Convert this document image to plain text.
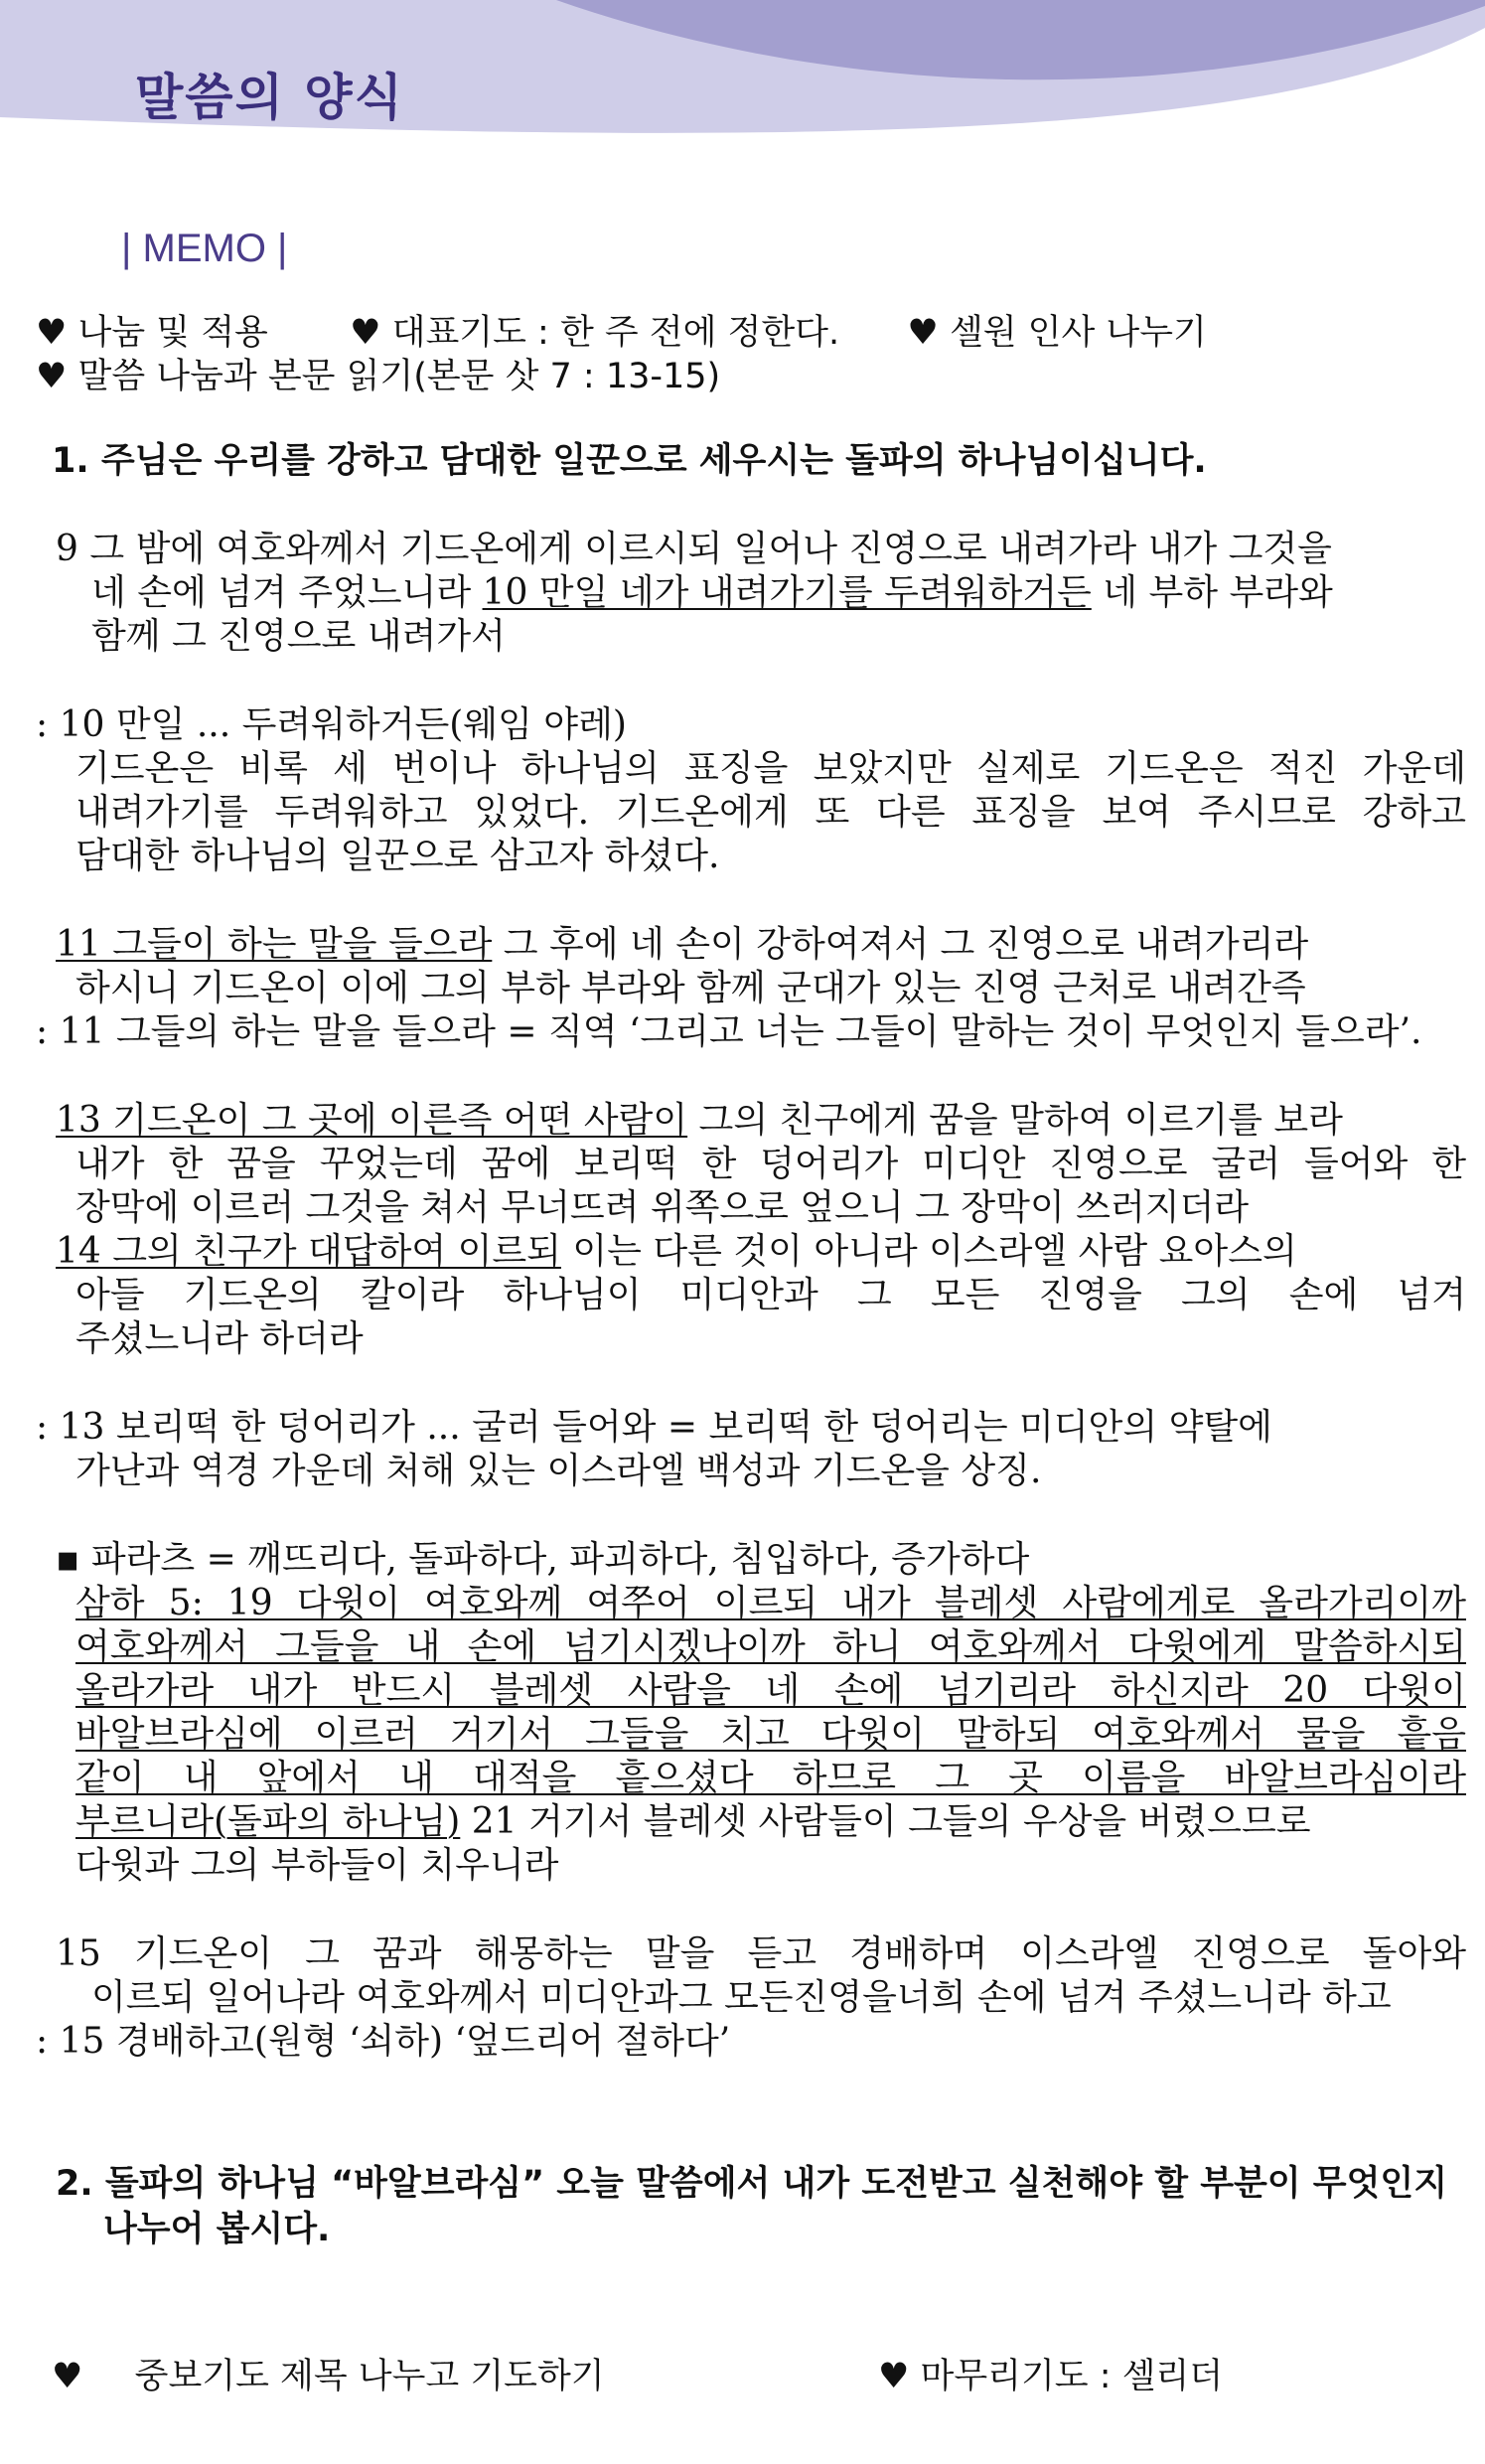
말씀의 양식

| MEMO |

♥ 나눔 및 적용 ♥ 대표기도 : 한 주 전에 정한다. ♥ 셀원 인사 나누기

♥ 말씀 나눔과 본문 읽기(본문 삿 7 : 13-15)

1. 주님은 우리를 강하고 담대한 일꾼으로 세우시는 돌파의 하나님이십니다.

9 그 밤에 여호와께서 기드온에게 이르시되 일어나 진영으로 내려가라 내가 그것을

네 손에 넘겨 주었느니라 10 만일 네가 내려가기를 두려워하거든 네 부하 부라와

함께 그 진영으로 내려가서

: 10 만일 ... 두려워하거든(웨임 야레)

기드온은 비록 세 번이나 하나님의 표징을 보았지만 실제로 기드온은 적진 가운데

내려가기를 두려워하고 있었다. 기드온에게 또 다른 표징을 보여 주시므로 강하고

담대한 하나님의 일꾼으로 삼고자 하셨다.

11 그들이 하는 말을 들으라 그 후에 네 손이 강하여져서 그 진영으로 내려가리라

하시니 기드온이 이에 그의 부하 부라와 함께 군대가 있는 진영 근처로 내려간즉

: 11 그들의 하는 말을 들으라 = 직역 ‘그리고 너는 그들이 말하는 것이 무엇인지 들으라’.

13 기드온이 그 곳에 이른즉 어떤 사람이 그의 친구에게 꿈을 말하여 이르기를 보라

내가 한 꿈을 꾸었는데 꿈에 보리떡 한 덩어리가 미디안 진영으로 굴러 들어와 한

장막에 이르러 그것을 쳐서 무너뜨려 위쪽으로 엎으니 그 장막이 쓰러지더라

14 그의 친구가 대답하여 이르되 이는 다른 것이 아니라 이스라엘 사람 요아스의

아들 기드온의 칼이라 하나님이 미디안과 그 모든 진영을 그의 손에 넘겨

주셨느니라 하더라

: 13 보리떡 한 덩어리가 ... 굴러 들어와 = 보리떡 한 덩어리는 미디안의 약탈에

가난과 역경 가운데 처해 있는 이스라엘 백성과 기드온을 상징.

▪ 파라츠 = 깨뜨리다, 돌파하다, 파괴하다, 침입하다, 증가하다

삼하 5: 19 다윗이 여호와께 여쭈어 이르되 내가 블레셋 사람에게로 올라가리이까

여호와께서 그들을 내 손에 넘기시겠나이까 하니 여호와께서 다윗에게 말씀하시되

올라가라 내가 반드시 블레셋 사람을 네 손에 넘기리라 하신지라 20 다윗이

바알브라심에 이르러 거기서 그들을 치고 다윗이 말하되 여호와께서 물을 흩음

같이 내 앞에서 내 대적을 흩으셨다 하므로 그 곳 이름을 바알브라심이라

부르니라(돌파의 하나님) 21 거기서 블레셋 사람들이 그들의 우상을 버렸으므로

다윗과 그의 부하들이 치우니라

15 기드온이 그 꿈과 해몽하는 말을 듣고 경배하며 이스라엘 진영으로 돌아와

이르되 일어나라 여호와께서 미디안과그 모든진영을너희 손에 넘겨 주셨느니라 하고

: 15 경배하고(원형 ‘쇠하) ‘엎드리어 절하다’

2. 돌파의 하나님 “바알브라심” 오늘 말씀에서 내가 도전받고 실천해야 할 부분이 무엇인지

나누어 봅시다.

♥ 중보기도 제목 나누고 기도하기	♥ 마무리기도 : 셀리더
